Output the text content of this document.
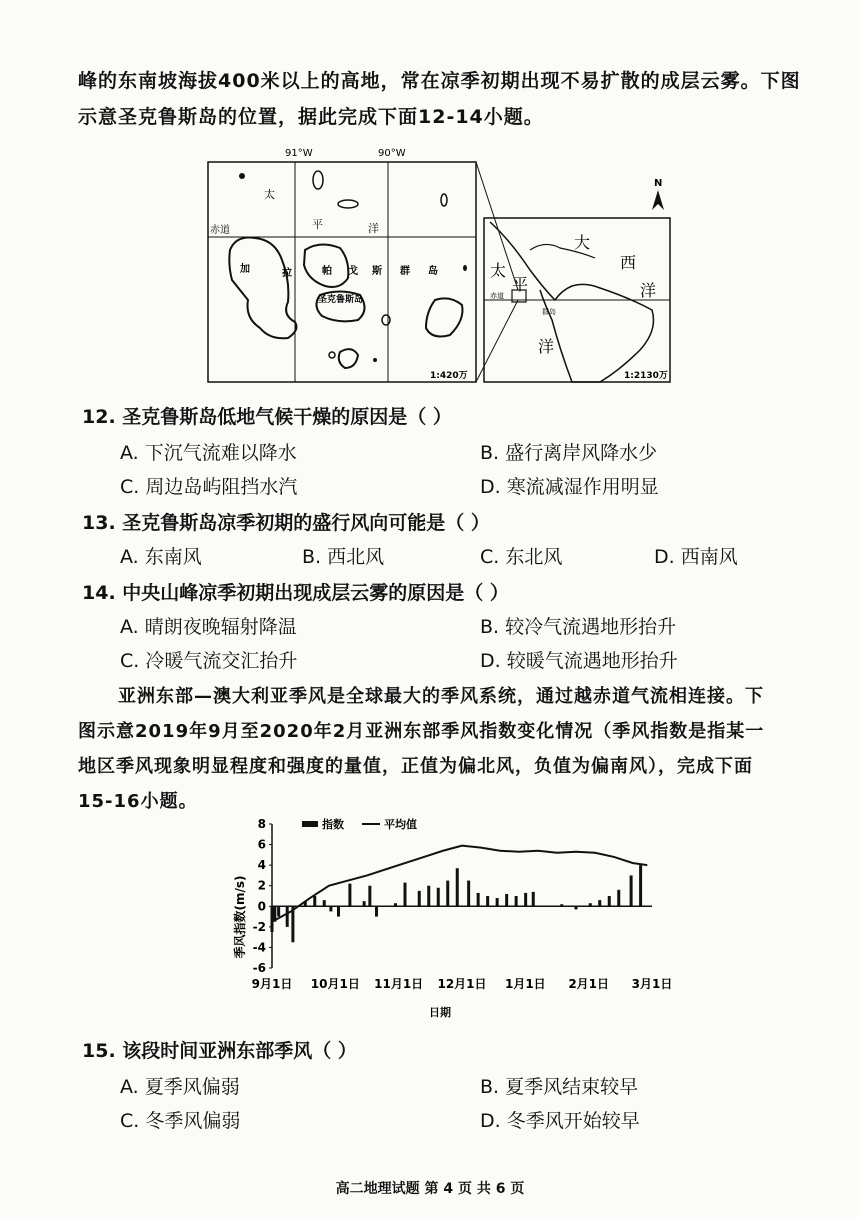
峰的东南坡海拔400米以上的高地，常在凉季初期出现不易扩散的成层云雾。下图
示意圣克鲁斯岛的位置，据此完成下面12-14小题。
91°W	90°W
赤道
太
平	洋
加	拉	帕 戈 斯 群 岛
圣克鲁斯岛
1:420万
大
西
洋
太
平
洋
赤道
群岛
1:2130万
N
12. 圣克鲁斯岛低地气候干燥的原因是（ ）
A. 下沉气流难以降水	B. 盛行离岸风降水少
C. 周边岛屿阻挡水汽	D. 寒流减湿作用明显
13. 圣克鲁斯岛凉季初期的盛行风向可能是（ ）
A. 东南风	B. 西北风	C. 东北风	D. 西南风
14. 中央山峰凉季初期出现成层云雾的原因是（ ）
A. 晴朗夜晚辐射降温	B. 较冷气流遇地形抬升
C. 冷暖气流交汇抬升	D. 较暖气流遇地形抬升
亚洲东部—澳大利亚季风是全球最大的季风系统，通过越赤道气流相连接。下
图示意2019年9月至2020年2月亚洲东部季风指数变化情况（季风指数是指某一
地区季风现象明显程度和强度的量值，正值为偏北风，负值为偏南风），完成下面
15-16小题。
8
6
4
2
0
-2
-4
-6
9月1日 10月1日 11月1日 12月1日 1月1日 2月1日 3月1日
指数	平均值
季风指数(m/s)
日期
15. 该段时间亚洲东部季风（ ）
A. 夏季风偏弱	B. 夏季风结束较早
C. 冬季风偏弱	D. 冬季风开始较早
高二地理试题 第 4 页 共 6 页
